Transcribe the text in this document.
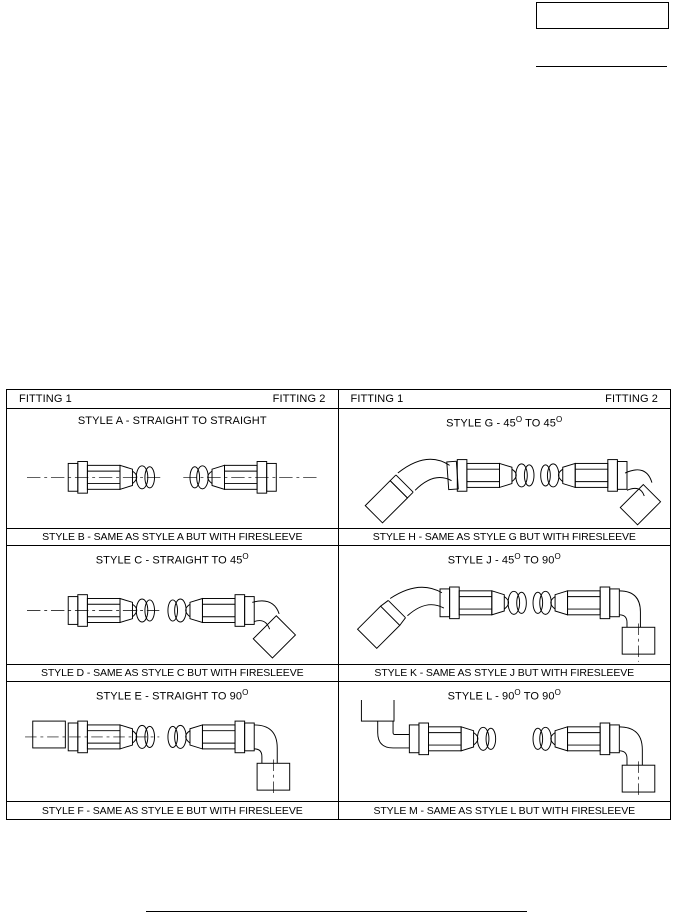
FITTING 1	FITTING 2 FITTING 1	FITTING 2
STYLE A - STRAIGHT TO STRAIGHT	STYLE G - $45^O$ TO $45^O$
STYLE B - SAME AS STYLE A BUT WITH FIRESLEEVE	STYLE H - SAME AS STYLE G BUT WITH FIRESLEEVE
STYLE C - STRAIGHT TO $45^O$	STYLE J - $45^O$ TO $90^O$
STYLE D - SAME AS STYLE C BUT WITH FIRESLEEVE	STYLE K - SAME AS STYLE J BUT WITH FIRESLEEVE
STYLE E - STRAIGHT TO $90^O$	STYLE L - $90^O$ TO $90^O$
STYLE F - SAME AS STYLE E BUT WITH FIRESLEEVE	STYLE M - SAME AS STYLE L BUT WITH FIRESLEEVE
